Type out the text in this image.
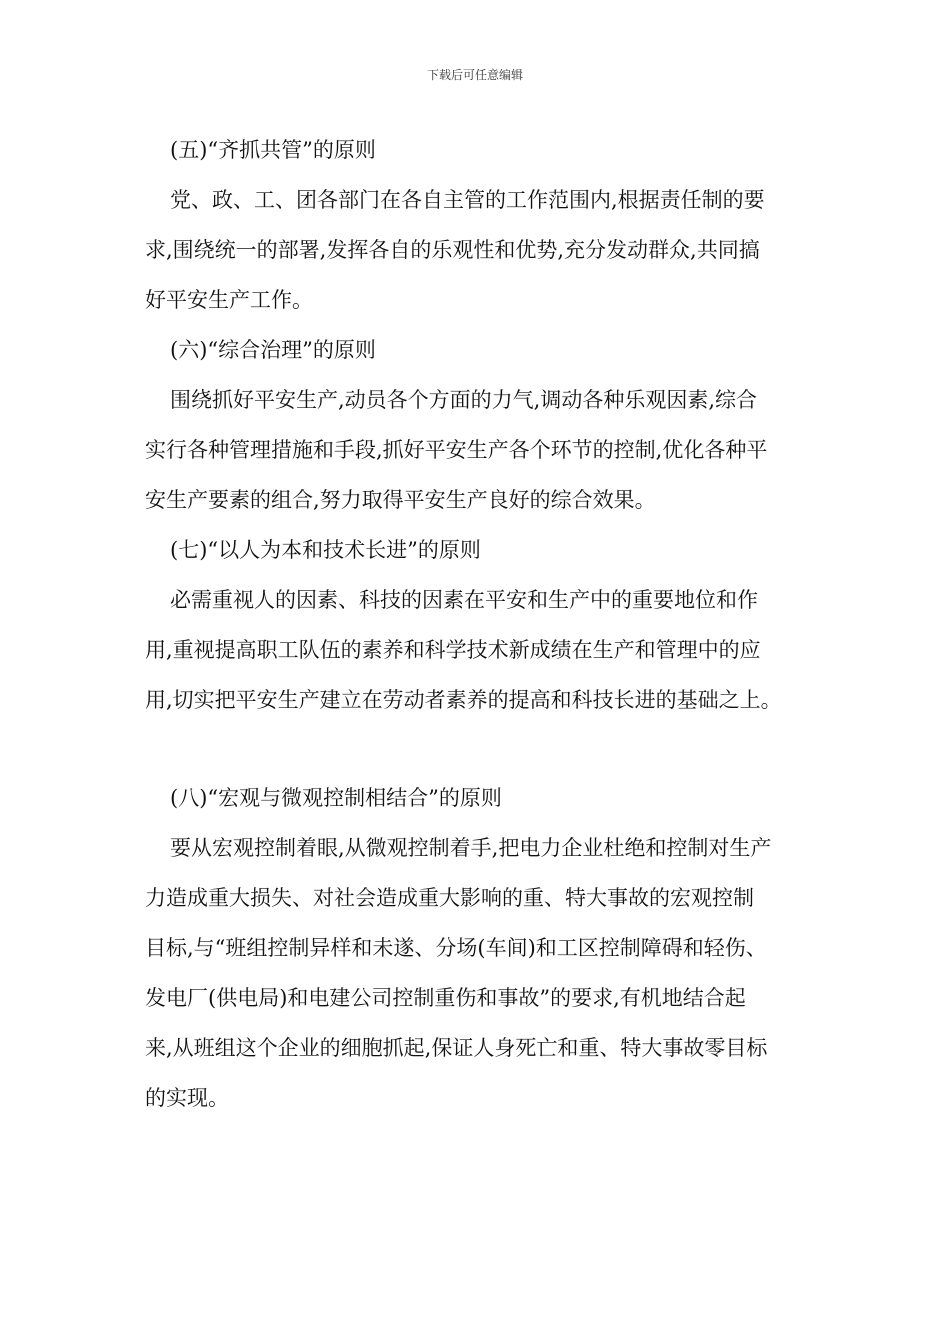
下载后可任意编辑
(五)“齐抓共管”的原则
党、政、工、团各部门在各自主管的工作范围内,根据责任制的要
求,围绕统一的部署,发挥各自的乐观性和优势,充分发动群众,共同搞
好平安生产工作。
(六)“综合治理”的原则
围绕抓好平安生产,动员各个方面的力气,调动各种乐观因素,综合
实行各种管理措施和手段,抓好平安生产各个环节的控制,优化各种平
安生产要素的组合,努力取得平安生产良好的综合效果。
(七)“以人为本和技术长进”的原则
必需重视人的因素、科技的因素在平安和生产中的重要地位和作
用,重视提高职工队伍的素养和科学技术新成绩在生产和管理中的应
用,切实把平安生产建立在劳动者素养的提高和科技长进的基础之上。
(八)“宏观与微观控制相结合”的原则
要从宏观控制着眼,从微观控制着手,把电力企业杜绝和控制对生产
力造成重大损失、对社会造成重大影响的重、特大事故的宏观控制
目标,与“班组控制异样和未遂、分场(车间)和工区控制障碍和轻伤、
发电厂(供电局)和电建公司控制重伤和事故”的要求,有机地结合起
来,从班组这个企业的细胞抓起,保证人身死亡和重、特大事故零目标
的实现。
